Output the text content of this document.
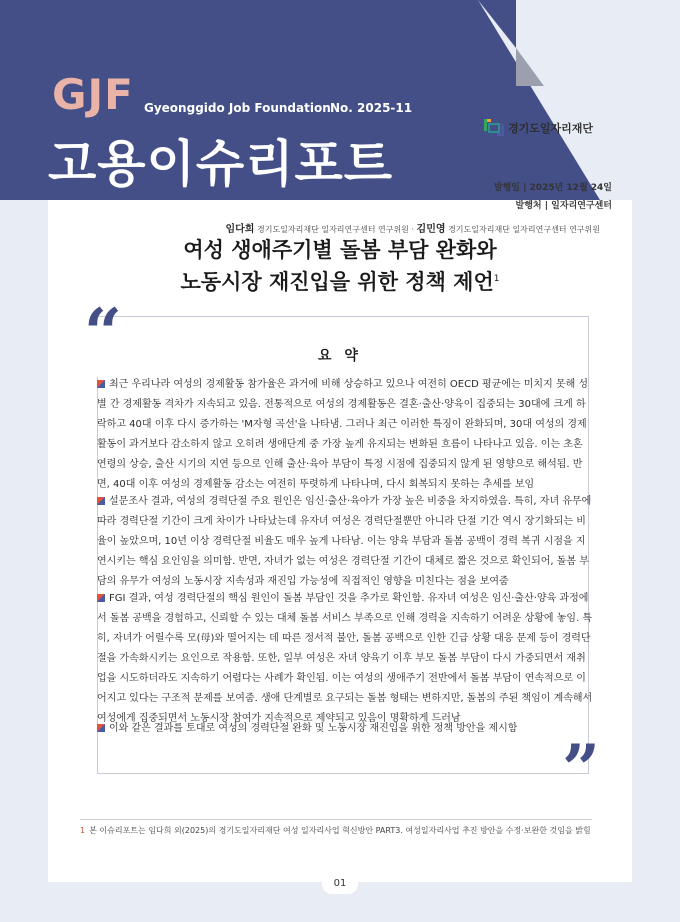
GJF Gyeonggido Job Foundation No. 2025-11
고용이슈리포트
경기도일자리재단
발행일 | 2025년 12월 24일
발행처 | 일자리연구센터
임다희 경기도일자리재단 일자리연구센터 연구위원 · 김민영 경기도일자리재단 일자리연구센터 연구위원
여성 생애주기별 돌봄 부담 완화와
노동시장 재진입을 위한 정책 제언$^1$
“
”
요 약
최근 우리나라 여성의 경제활동 참가율은 과거에 비해 상승하고 있으나 여전히 OECD 평균에는 미치지 못해 성별 간 경제활동 격차가 지속되고 있음. 전통적으로 여성의 경제활동은 결혼·출산·양육이 집중되는 30대에 크게 하락하고 40대 이후 다시 증가하는 'M자형 곡선'을 나타냄. 그러나 최근 이러한 특징이 완화되며, 30대 여성의 경제활동이 과거보다 감소하지 않고 오히려 생애단계 중 가장 높게 유지되는 변화된 흐름이 나타나고 있음. 이는 초혼 연령의 상승, 출산 시기의 지연 등으로 인해 출산·육아 부담이 특정 시점에 집중되지 않게 된 영향으로 해석됨. 반면, 40대 이후 여성의 경제활동 감소는 여전히 뚜렷하게 나타나며, 다시 회복되지 못하는 추세를 보임
설문조사 결과, 여성의 경력단절 주요 원인은 임신·출산·육아가 가장 높은 비중을 차지하였음. 특히, 자녀 유무에 따라 경력단절 기간이 크게 차이가 나타났는데 유자녀 여성은 경력단절뿐만 아니라 단절 기간 역시 장기화되는 비율이 높았으며, 10년 이상 경력단절 비율도 매우 높게 나타남. 이는 양육 부담과 돌봄 공백이 경력 복귀 시점을 지연시키는 핵심 요인임을 의미함. 반면, 자녀가 없는 여성은 경력단절 기간이 대체로 짧은 것으로 확인되어, 돌봄 부담의 유무가 여성의 노동시장 지속성과 재진입 가능성에 직접적인 영향을 미친다는 점을 보여줌
FGI 결과, 여성 경력단절의 핵심 원인이 돌봄 부담인 것을 추가로 확인함. 유자녀 여성은 임신·출산·양육 과정에서 돌봄 공백을 경험하고, 신뢰할 수 있는 대체 돌봄 서비스 부족으로 인해 경력을 지속하기 어려운 상황에 놓임. 특히, 자녀가 어릴수록 모(母)와 떨어지는 데 따른 정서적 불안, 돌봄 공백으로 인한 긴급 상황 대응 문제 등이 경력단절을 가속화시키는 요인으로 작용함. 또한, 일부 여성은 자녀 양육기 이후 부모 돌봄 부담이 다시 가중되면서 재취업을 시도하더라도 지속하기 어렵다는 사례가 확인됨. 이는 여성의 생애주기 전반에서 돌봄 부담이 연속적으로 이어지고 있다는 구조적 문제를 보여줌. 생애 단계별로 요구되는 돌봄 형태는 변하지만, 돌봄의 주된 책임이 계속해서 여성에게 집중되면서 노동시장 참여가 지속적으로 제약되고 있음이 명확하게 드러남
이와 같은 결과를 토대로 여성의 경력단절 완화 및 노동시장 재진입을 위한 정책 방안을 제시함
1 본 이슈리포트는 임다희 외(2025)의 경기도일자리재단 여성 일자리사업 혁신방안 PART3. 여성일자리사업 추진 방안을 수정·보완한 것임을 밝힘
01
